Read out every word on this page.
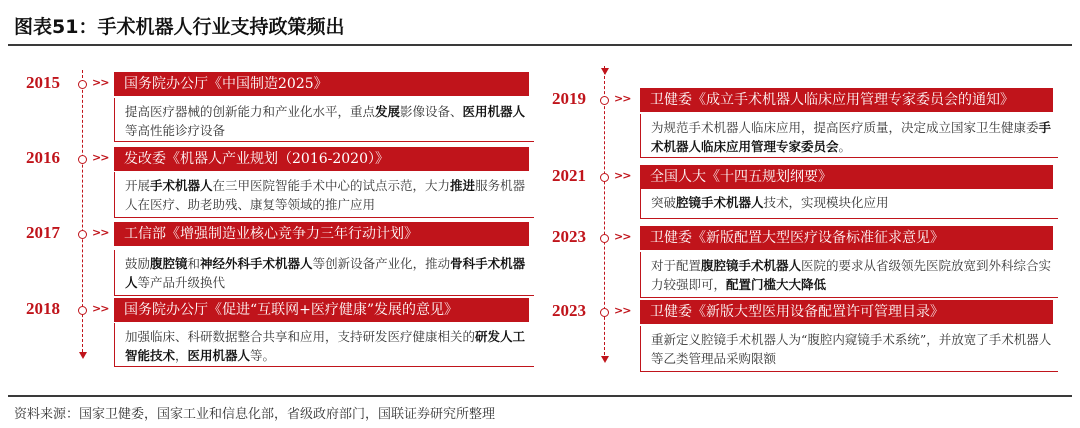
图表51：手术机器人行业支持政策频出
2015	>>	国务院办公厅《中国制造2025》
提高医疗器械的创新能力和产业化水平，重点发展影像设备、医用机器人等高性能诊疗设备
2016	>>	发改委《机器人产业规划（2016-2020）》
开展手术机器人在三甲医院智能手术中心的试点示范，大力推进服务机器人在医疗、助老助残、康复等领域的推广应用
2017	>>	工信部《增强制造业核心竞争力三年行动计划》
鼓励腹腔镜和神经外科手术机器人等创新设备产业化，推动骨科手术机器人等产品升级换代
2018	>>	国务院办公厅《促进“互联网+医疗健康”发展的意见》
加强临床、科研数据整合共享和应用，支持研发医疗健康相关的研发人工智能技术，医用机器人等。
2019	>>	卫健委《成立手术机器人临床应用管理专家委员会的通知》
为规范手术机器人临床应用，提高医疗质量，决定成立国家卫生健康委手术机器人临床应用管理专家委员会。
2021	>>	全国人大《十四五规划纲要》
突破腔镜手术机器人技术，实现模块化应用
2023	>>	卫健委《新版配置大型医疗设备标准征求意见》
对于配置腹腔镜手术机器人医院的要求从省级领先医院放宽到外科综合实力较强即可，配置门槛大大降低
2023	>>	卫健委《新版大型医用设备配置许可管理目录》
重新定义腔镜手术机器人为“腹腔内窥镜手术系统”，并放宽了手术机器人等乙类管理品采购限额
资料来源：国家卫健委，国家工业和信息化部，省级政府部门，国联证券研究所整理
